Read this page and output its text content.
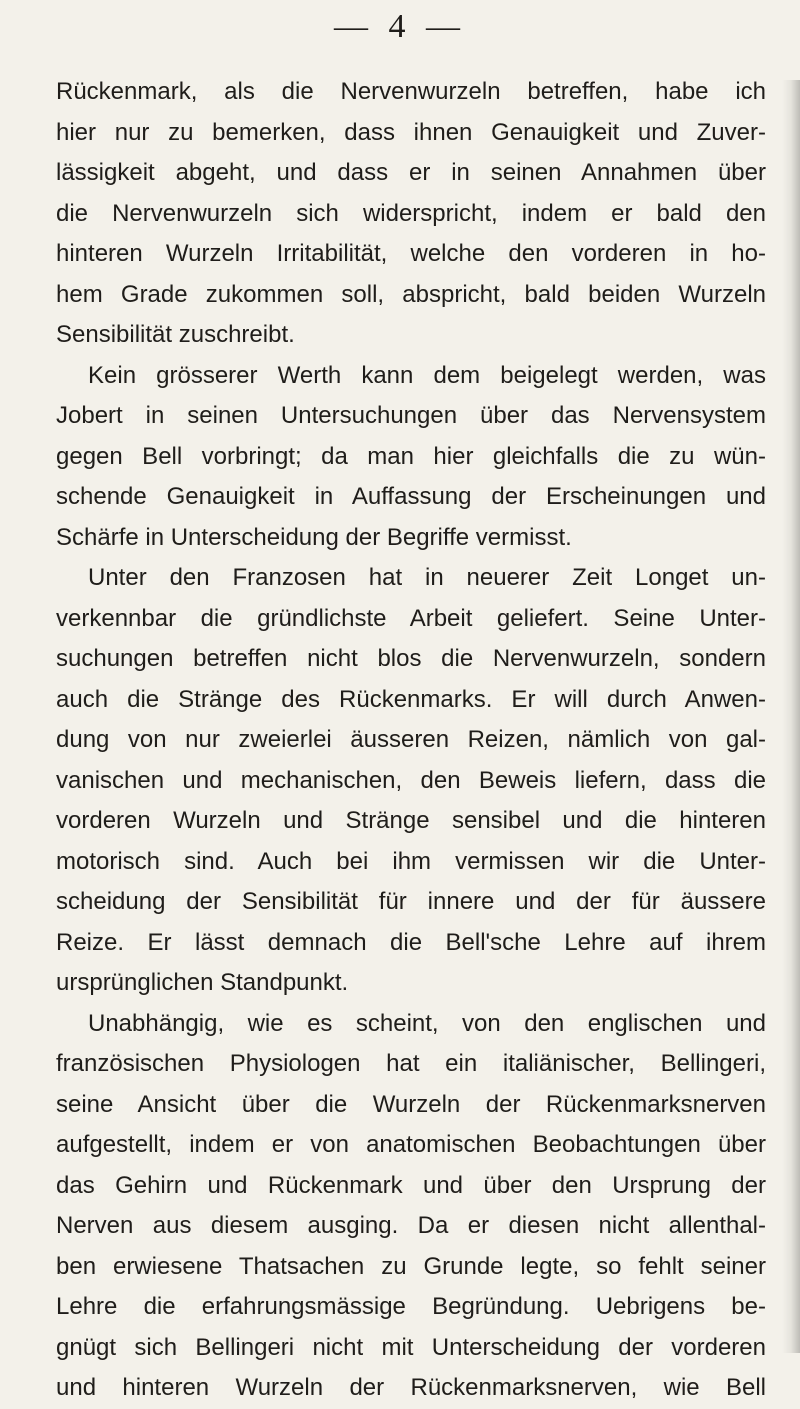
— 4 —
Rückenmark, als die Nervenwurzeln betreffen, habe ich
hier nur zu bemerken, dass ihnen Genauigkeit und Zuver-
lässigkeit abgeht, und dass er in seinen Annahmen über
die Nervenwurzeln sich widerspricht, indem er bald den
hinteren Wurzeln Irritabilität, welche den vorderen in ho-
hem Grade zukommen soll, abspricht, bald beiden Wurzeln
Sensibilität zuschreibt.
Kein grösserer Werth kann dem beigelegt werden, was
Jobert in seinen Untersuchungen über das Nervensystem
gegen Bell vorbringt; da man hier gleichfalls die zu wün-
schende Genauigkeit in Auffassung der Erscheinungen und
Schärfe in Unterscheidung der Begriffe vermisst.
Unter den Franzosen hat in neuerer Zeit Longet un-
verkennbar die gründlichste Arbeit geliefert. Seine Unter-
suchungen betreffen nicht blos die Nervenwurzeln, sondern
auch die Stränge des Rückenmarks. Er will durch Anwen-
dung von nur zweierlei äusseren Reizen, nämlich von gal-
vanischen und mechanischen, den Beweis liefern, dass die
vorderen Wurzeln und Stränge sensibel und die hinteren
motorisch sind. Auch bei ihm vermissen wir die Unter-
scheidung der Sensibilität für innere und der für äussere
Reize. Er lässt demnach die Bell'sche Lehre auf ihrem
ursprünglichen Standpunkt.
Unabhängig, wie es scheint, von den englischen und
französischen Physiologen hat ein italiänischer, Bellingeri,
seine Ansicht über die Wurzeln der Rückenmarksnerven
aufgestellt, indem er von anatomischen Beobachtungen über
das Gehirn und Rückenmark und über den Ursprung der
Nerven aus diesem ausging. Da er diesen nicht allenthal-
ben erwiesene Thatsachen zu Grunde legte, so fehlt seiner
Lehre die erfahrungsmässige Begründung. Uebrigens be-
gnügt sich Bellingeri nicht mit Unterscheidung der vorderen
und hinteren Wurzeln der Rückenmarksnerven, wie Bell
